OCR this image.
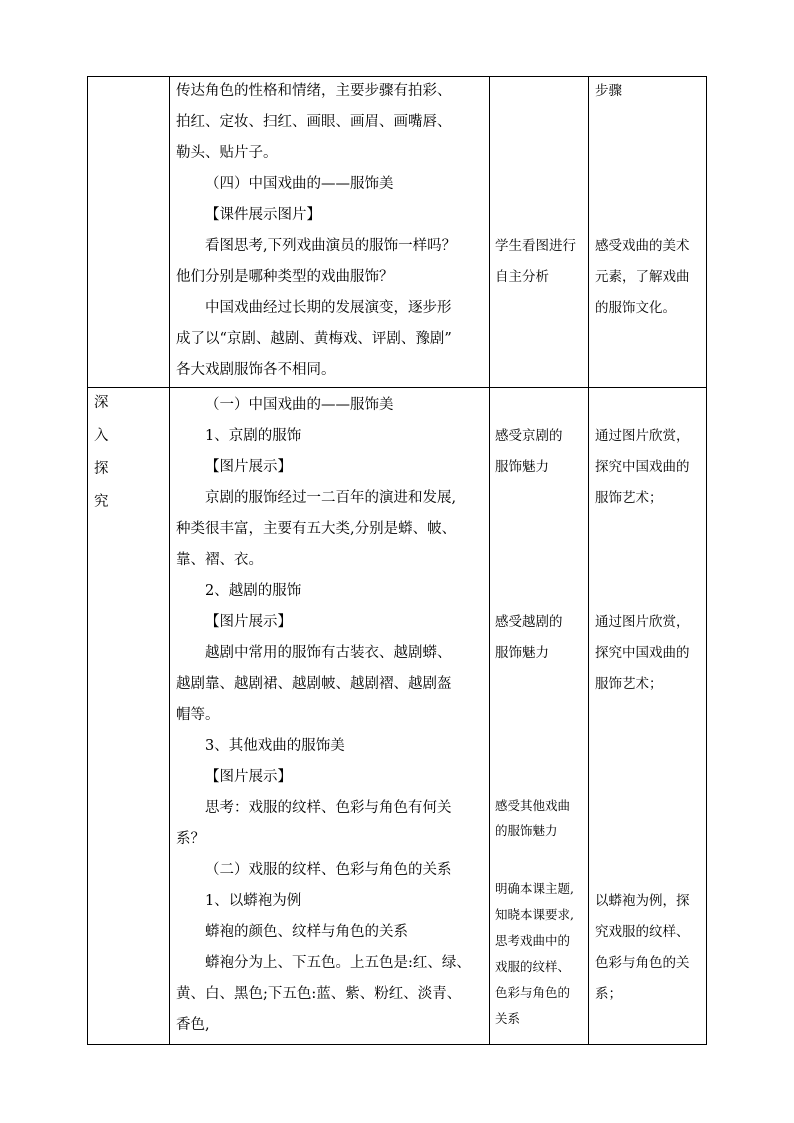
传达角色的性格和情绪，主要步骤有拍彩、
拍红、定妆、扫红、画眼、画眉、画嘴唇、
勒头、贴片子。
（四）中国戏曲的——服饰美
【课件展示图片】
看图思考,下列戏曲演员的服饰一样吗？
他们分别是哪种类型的戏曲服饰？
中国戏曲经过长期的发展演变，逐步形
成了以“京剧、越剧、黄梅戏、评剧、豫剧”
各大戏剧服饰各不相同。
学生看图进行
自主分析
步骤
感受戏曲的美术
元素，了解戏曲
的服饰文化。
深
入
探
究
（一）中国戏曲的——服饰美
1、京剧的服饰
【图片展示】
京剧的服饰经过一二百年的演进和发展,
种类很丰富，主要有五大类,分别是蟒、帔、
靠、褶、衣。
2、越剧的服饰
【图片展示】
越剧中常用的服饰有古装衣、越剧蟒、
越剧靠、越剧裙、越剧帔、越剧褶、越剧盔
帽等。
3、其他戏曲的服饰美
【图片展示】
思考：戏服的纹样、色彩与角色有何关
系？
（二）戏服的纹样、色彩与角色的关系
1、以蟒袍为例
蟒袍的颜色、纹样与角色的关系
蟒袍分为上、下五色。上五色是:红、绿、
黄、白、黑色;下五色:蓝、紫、粉红、淡青、
香色,
感受京剧的
服饰魅力
感受越剧的
服饰魅力
感受其他戏曲
的服饰魅力
明确本课主题,
知晓本课要求,
思考戏曲中的
戏服的纹样、
色彩与角色的
关系
通过图片欣赏，
探究中国戏曲的
服饰艺术；
通过图片欣赏，
探究中国戏曲的
服饰艺术；
以蟒袍为例，探
究戏服的纹样、
色彩与角色的关
系；
